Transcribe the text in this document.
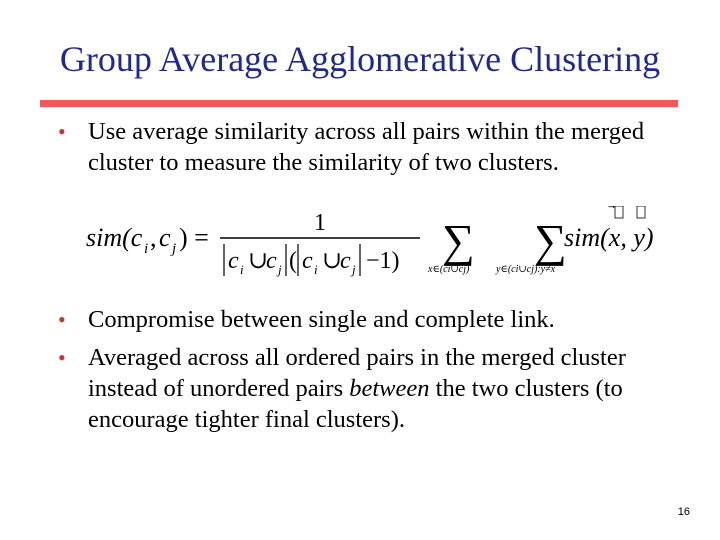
Group Average Agglomerative Clustering
• Use average similarity across all pairs within the merged cluster to measure the similarity of two clusters.
sim(c i , c j ) =	1
c i ∪
c j ( c i ∪
c j −1) ∑
x∈(ci∪cj)
∑
y∈(ci∪cj):y≠x
sim(x, y)
• Compromise between single and complete link.
• Averaged across all ordered pairs in the merged cluster instead of unordered pairs between the two clusters (to encourage tighter final clusters).
16
